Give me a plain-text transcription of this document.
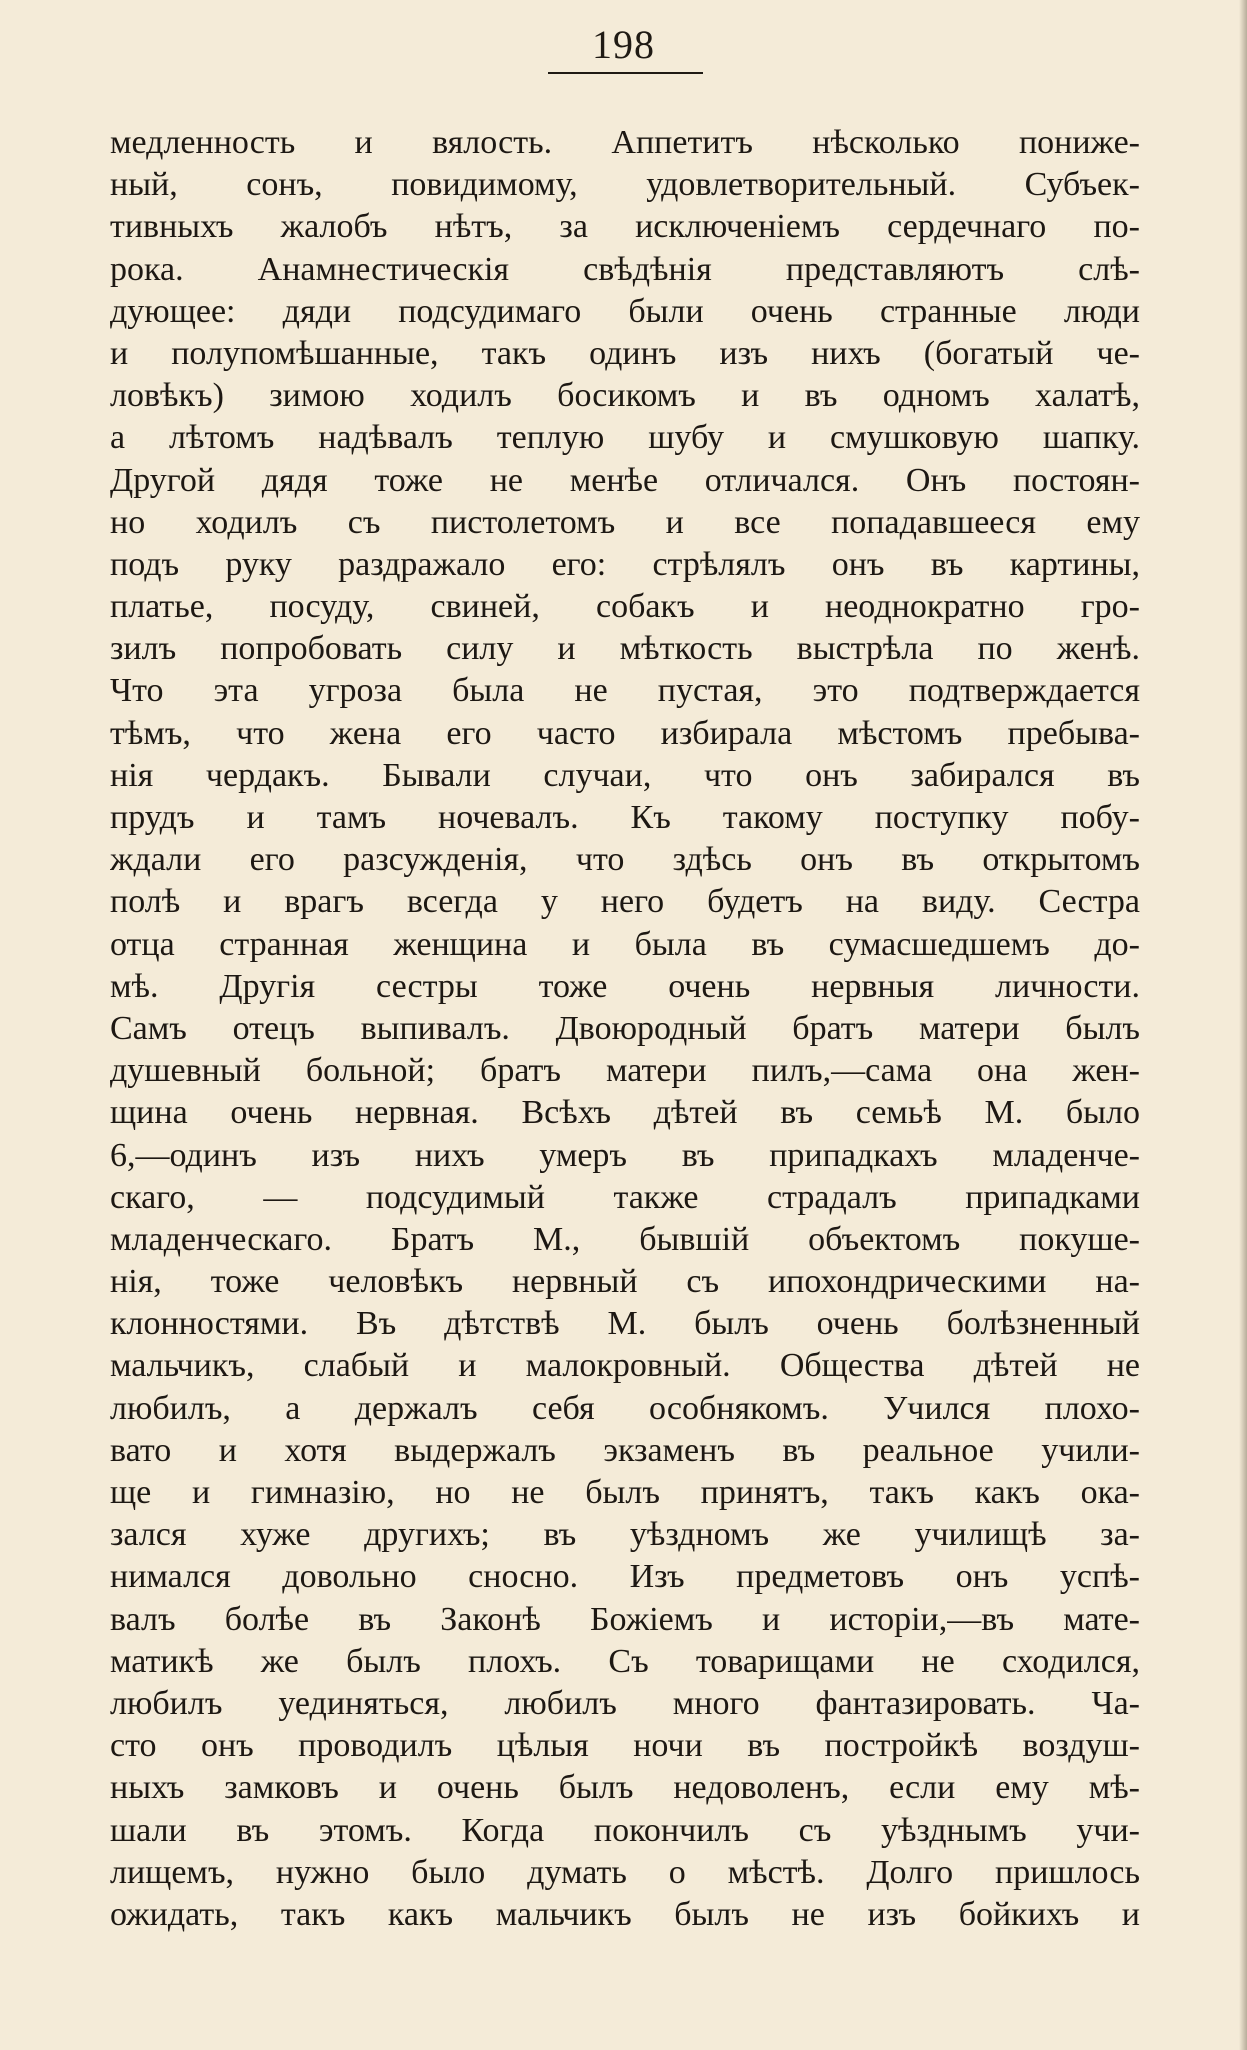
198
медленность и вялость. Аппетитъ нѣсколько пониже-
ный, сонъ, повидимому, удовлетворительный. Субъек-
тивныхъ жалобъ нѣтъ, за исключеніемъ сердечнаго по-
рока. Анамнестическія свѣдѣнія представляютъ слѣ-
дующее: дяди подсудимаго были очень странные люди
и полупомѣшанные, такъ одинъ изъ нихъ (богатый че-
ловѣкъ) зимою ходилъ босикомъ и въ одномъ халатѣ,
а лѣтомъ надѣвалъ теплую шубу и смушковую шапку.
Другой дядя тоже не менѣе отличался. Онъ постоян-
но ходилъ съ пистолетомъ и все попадавшееся ему
подъ руку раздражало его: стрѣлялъ онъ въ картины,
платье, посуду, свиней, собакъ и неоднократно гро-
зилъ попробовать силу и мѣткость выстрѣла по женѣ.
Что эта угроза была не пустая, это подтверждается
тѣмъ, что жена его часто избирала мѣстомъ пребыва-
нія чердакъ. Бывали случаи, что онъ забирался въ
прудъ и тамъ ночевалъ. Къ такому поступку побу-
ждали его разсужденія, что здѣсь онъ въ открытомъ
полѣ и врагъ всегда у него будетъ на виду. Сестра
отца странная женщина и была въ сумасшедшемъ до-
мѣ. Другія сестры тоже очень нервныя личности.
Самъ отецъ выпивалъ. Двоюродный братъ матери былъ
душевный больной; братъ матери пилъ,—сама она жен-
щина очень нервная. Всѣхъ дѣтей въ семьѣ М. было
6,—одинъ изъ нихъ умеръ въ припадкахъ младенче-
скаго, — подсудимый также страдалъ припадками
младенческаго. Братъ М., бывшій объектомъ покуше-
нія, тоже человѣкъ нервный съ ипохондрическими на-
клонностями. Въ дѣтствѣ М. былъ очень болѣзненный
мальчикъ, слабый и малокровный. Общества дѣтей не
любилъ, а держалъ себя особнякомъ. Учился плохо-
вато и хотя выдержалъ экзаменъ въ реальное учили-
ще и гимназію, но не былъ принятъ, такъ какъ ока-
зался хуже другихъ; въ уѣздномъ же училищѣ за-
нимался довольно сносно. Изъ предметовъ онъ успѣ-
валъ болѣе въ Законѣ Божіемъ и исторіи,—въ мате-
матикѣ же былъ плохъ. Съ товарищами не сходился,
любилъ уединяться, любилъ много фантазировать. Ча-
сто онъ проводилъ цѣлыя ночи въ постройкѣ воздуш-
ныхъ замковъ и очень былъ недоволенъ, если ему мѣ-
шали въ этомъ. Когда покончилъ съ уѣзднымъ учи-
лищемъ, нужно было думать о мѣстѣ. Долго пришлось
ожидать, такъ какъ мальчикъ былъ не изъ бойкихъ и
